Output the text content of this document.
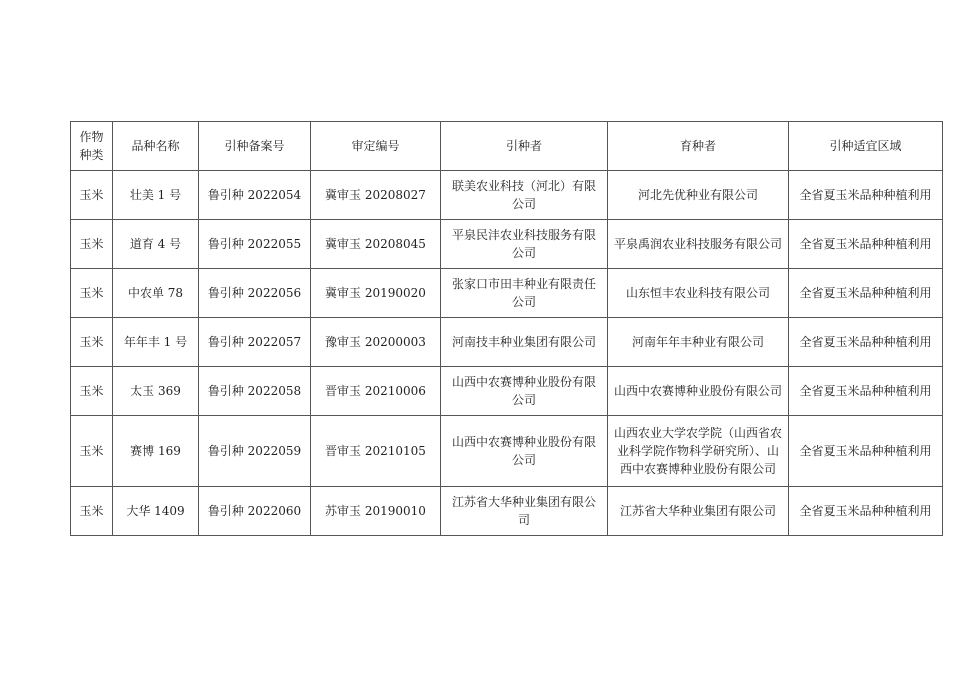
作物种类	品种名称	引种备案号	审定编号	引种者	育种者	引种适宜区域
玉米	壮美 1 号	鲁引种 2022054	冀审玉 20208027	联美农业科技（河北）有限公司	河北先优种业有限公司	全省夏玉米品种种植利用
玉米	道育 4 号	鲁引种 2022055	冀审玉 20208045	平泉民沣农业科技服务有限公司	平泉禹润农业科技服务有限公司	全省夏玉米品种种植利用
玉米	中农单 78	鲁引种 2022056	冀审玉 20190020	张家口市田丰种业有限责任公司	山东恒丰农业科技有限公司	全省夏玉米品种种植利用
玉米	年年丰 1 号	鲁引种 2022057	豫审玉 20200003	河南技丰种业集团有限公司	河南年年丰种业有限公司	全省夏玉米品种种植利用
玉米	太玉 369	鲁引种 2022058	晋审玉 20210006	山西中农赛博种业股份有限公司	山西中农赛博种业股份有限公司	全省夏玉米品种种植利用
玉米	赛博 169	鲁引种 2022059	晋审玉 20210105	山西中农赛博种业股份有限公司	山西农业大学农学院（山西省农业科学院作物科学研究所）、山西中农赛博种业股份有限公司	全省夏玉米品种种植利用
玉米	大华 1409	鲁引种 2022060	苏审玉 20190010	江苏省大华种业集团有限公司	江苏省大华种业集团有限公司	全省夏玉米品种种植利用
